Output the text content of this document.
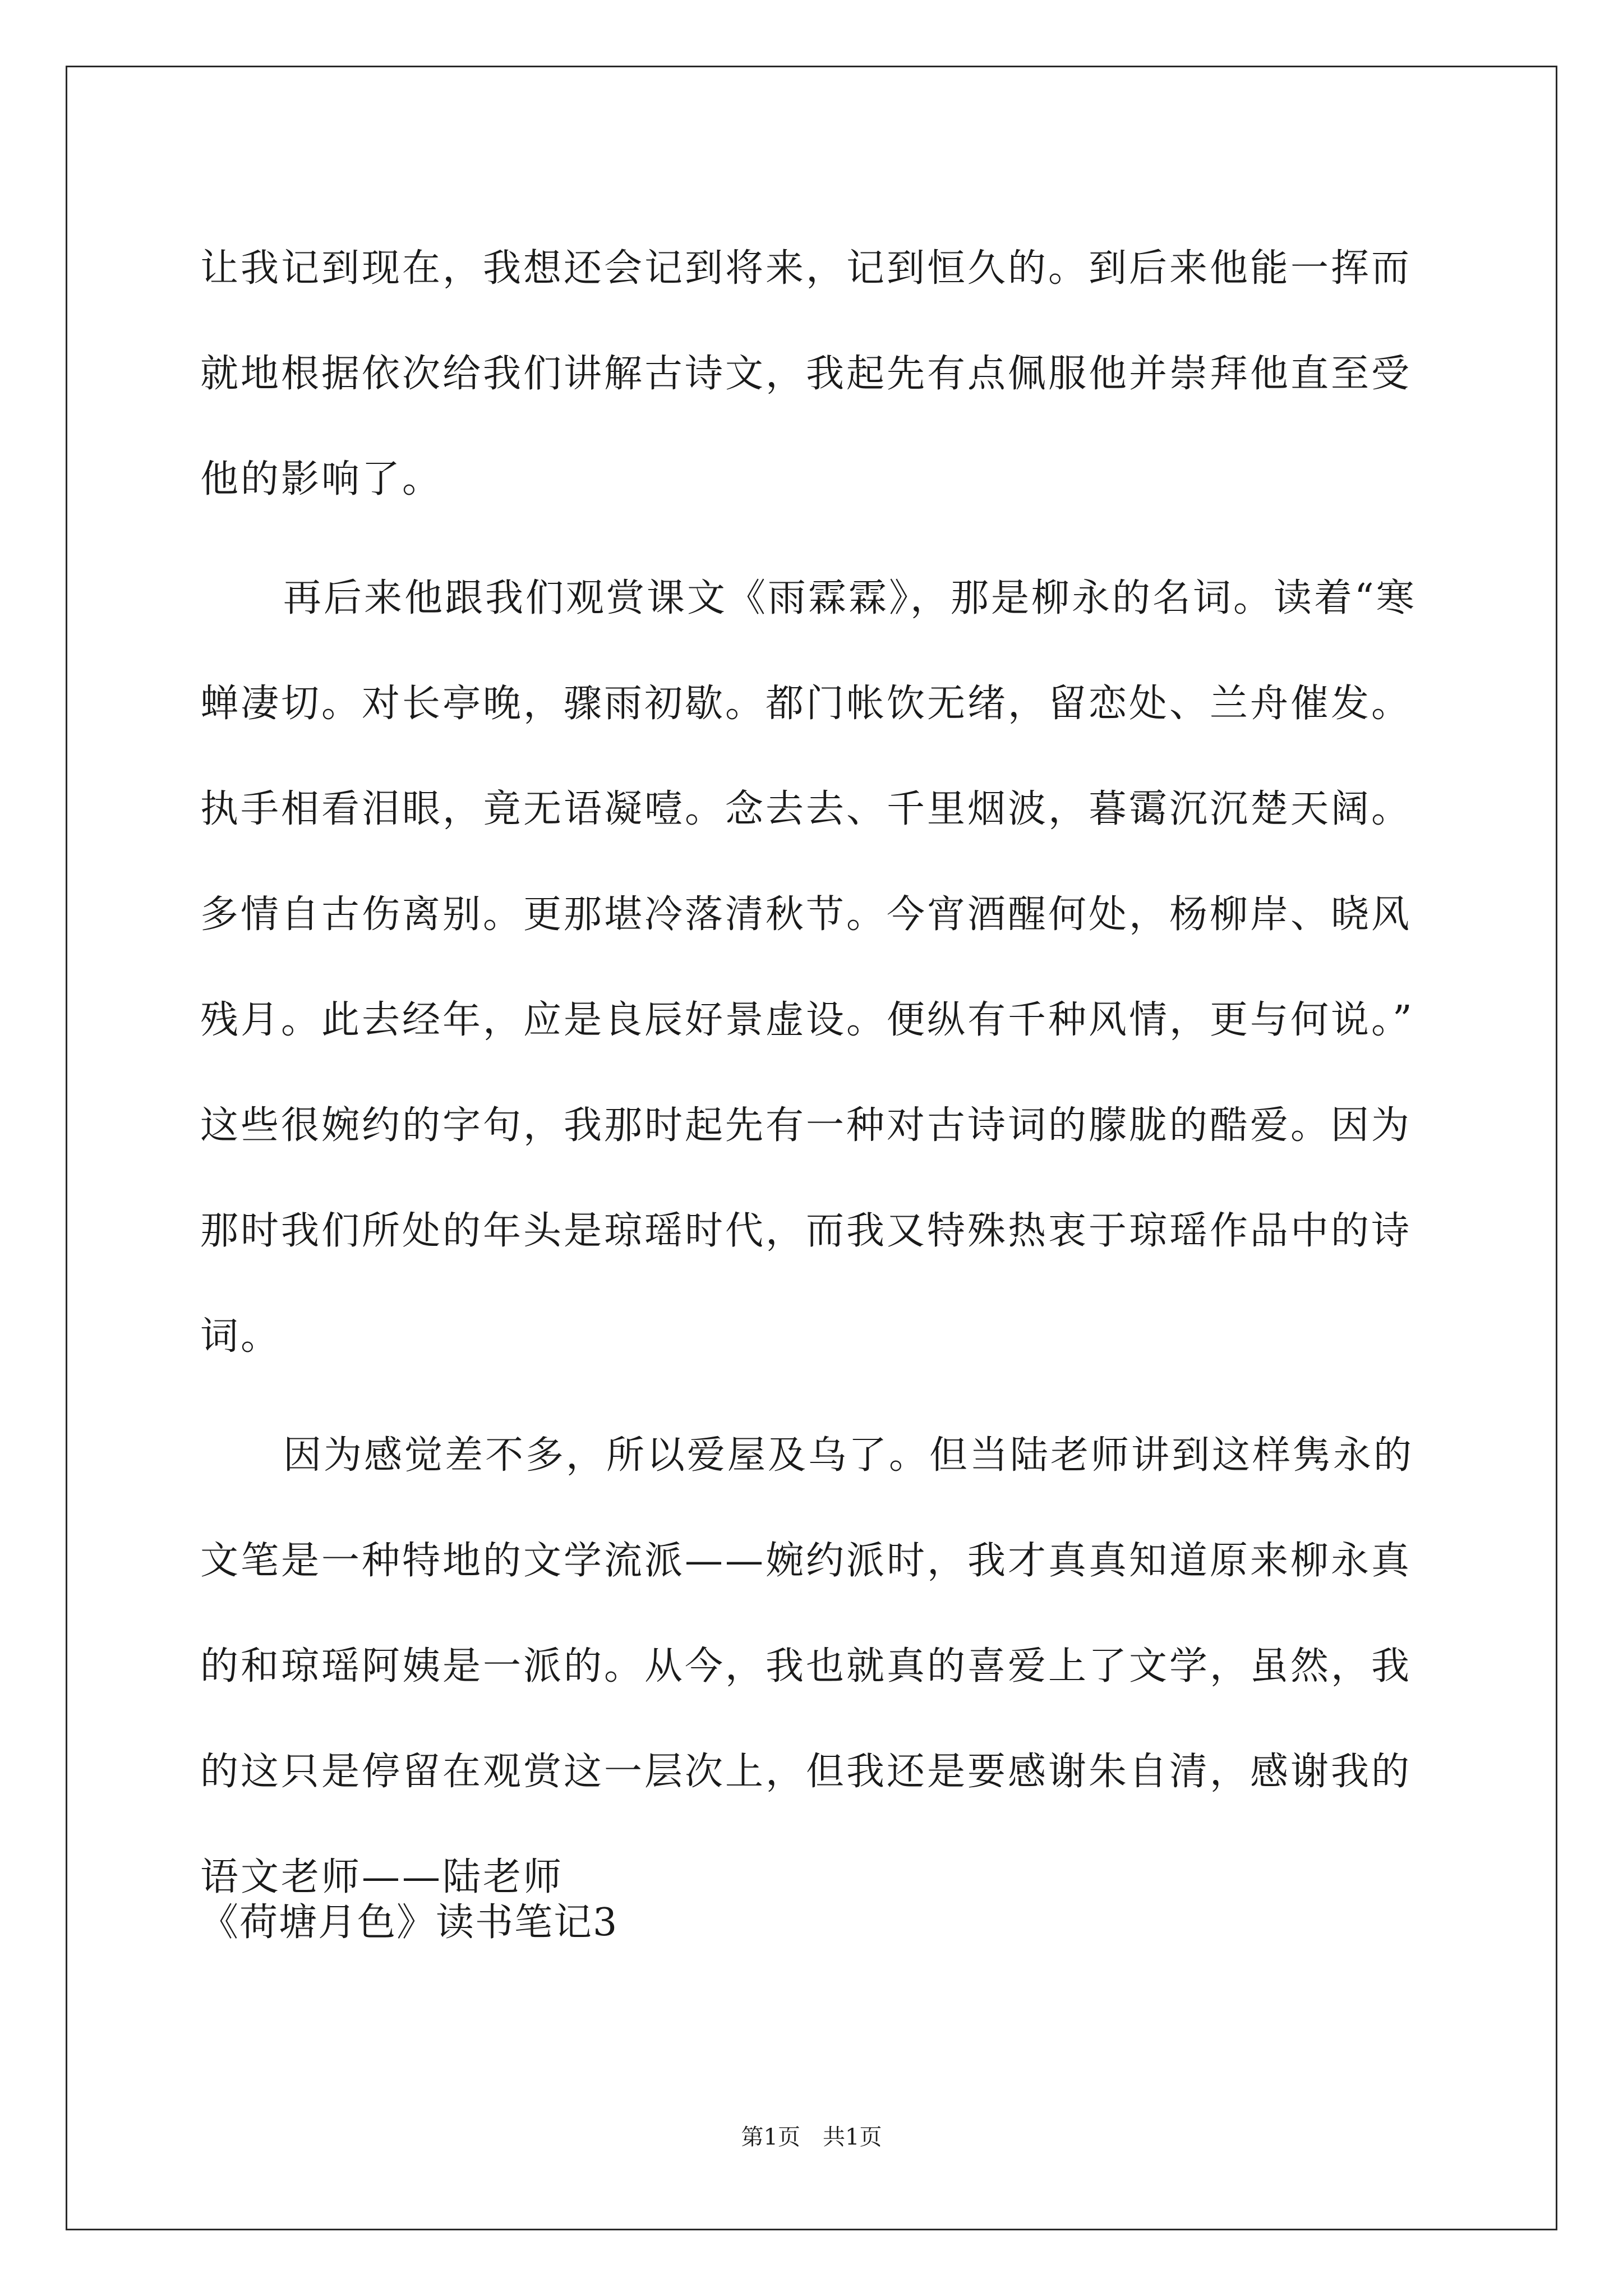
让我记到现在，我想还会记到将来，记到恒久的。到后来他能一挥而
就地根据依次给我们讲解古诗文，我起先有点佩服他并崇拜他直至受
他的影响了。
再后来他跟我们观赏课文《雨霖霖》，那是柳永的名词。读着“寒
蝉凄切。对长亭晚，骤雨初歇。都门帐饮无绪，留恋处、兰舟催发。
执手相看泪眼，竟无语凝噎。念去去、千里烟波，暮霭沉沉楚天阔。
多情自古伤离别。更那堪冷落清秋节。今宵酒醒何处，杨柳岸、晓风
残月。此去经年，应是良辰好景虚设。便纵有千种风情，更与何说。”
这些很婉约的字句，我那时起先有一种对古诗词的朦胧的酷爱。因为
那时我们所处的年头是琼瑶时代，而我又特殊热衷于琼瑶作品中的诗
词。
因为感觉差不多，所以爱屋及乌了。但当陆老师讲到这样隽永的
文笔是一种特地的文学流派——婉约派时，我才真真知道原来柳永真
的和琼瑶阿姨是一派的。从今，我也就真的喜爱上了文学，虽然，我
的这只是停留在观赏这一层次上，但我还是要感谢朱自清，感谢我的
语文老师——陆老师
《荷塘月色》读书笔记3
第1页 共1页
